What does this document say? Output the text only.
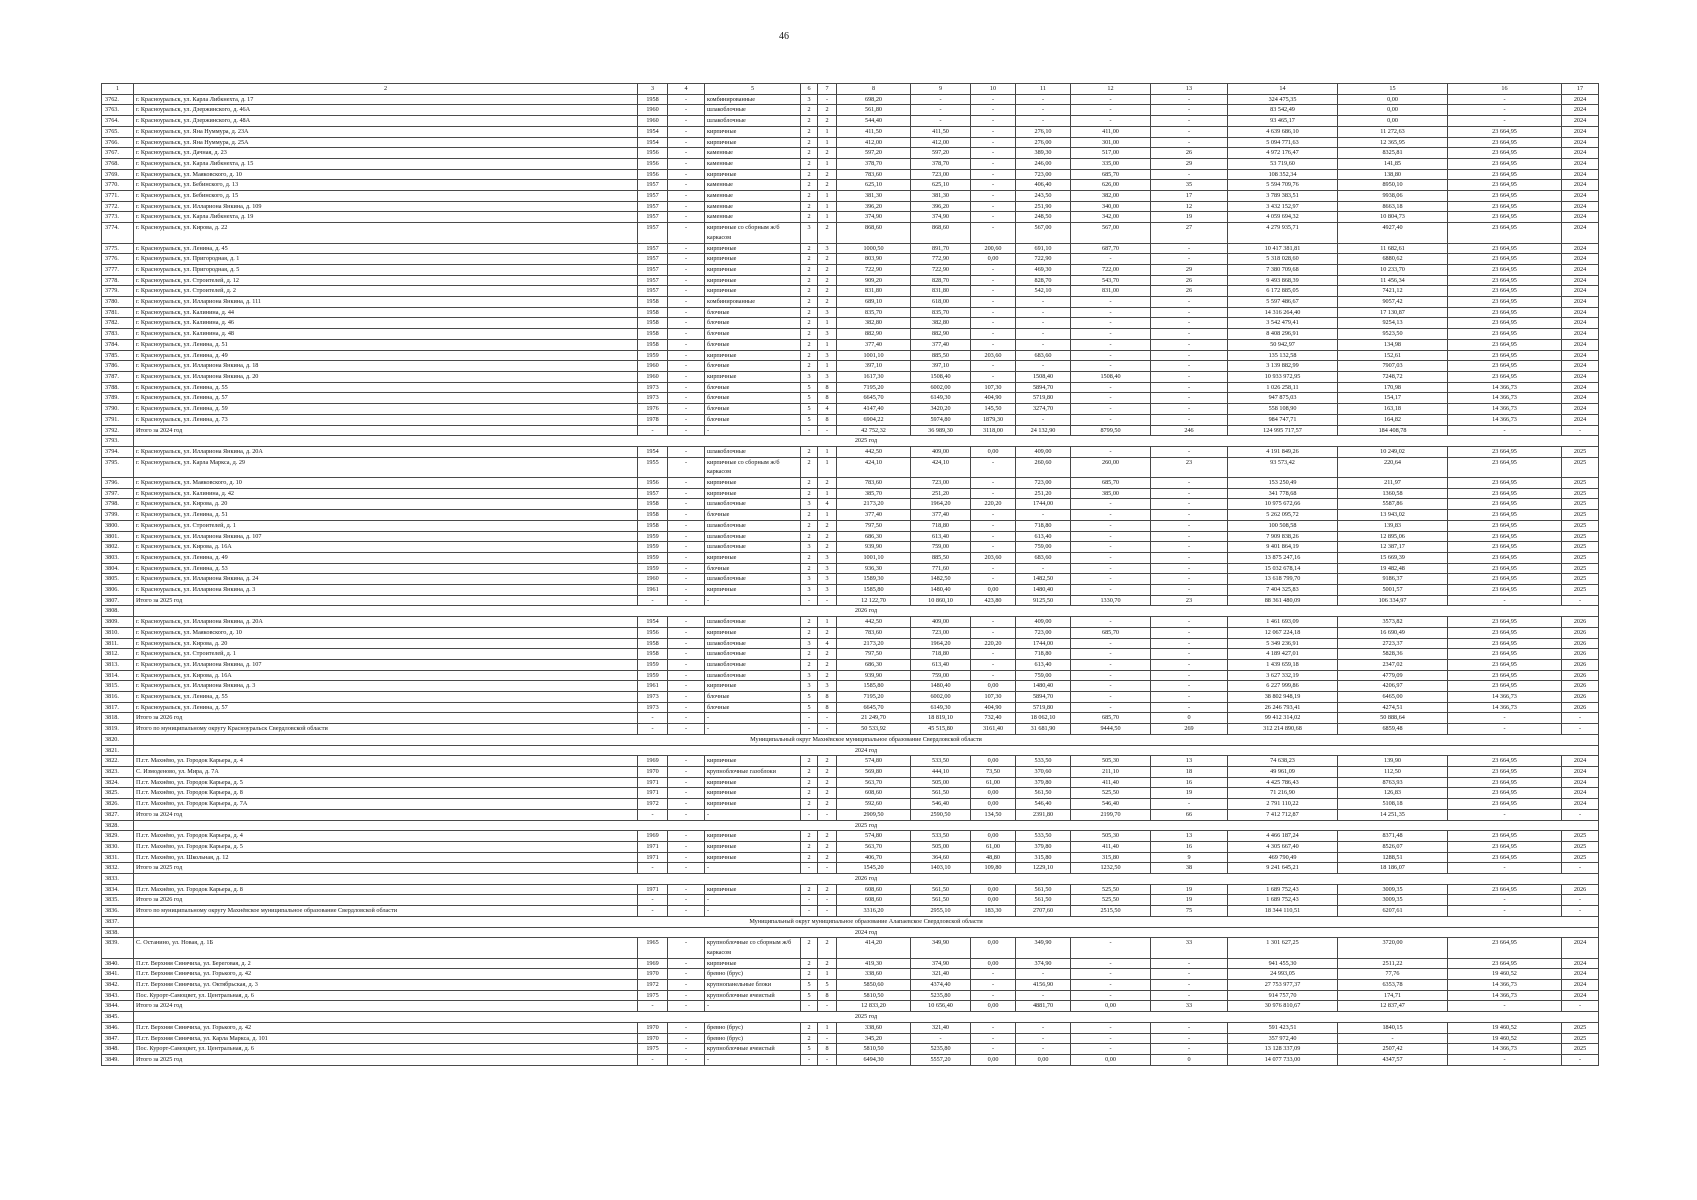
46
1	2	3	4	5	6	7	8	9	10	11	12	13	14	15	16	17
3762.	г. Красноуральск, ул. Карла Либкнехта, д. 17	1958	-	комбинированные	3	-	698,20	-	-	-	-	-	324 475,35	0,00	-	2024
3763.	г. Красноуральск, ул. Дзержинского, д. 46А	1960	-	шлакоблочные	2	2	561,80	-	-	-	-	-	83 542,49	0,00	-	2024
3764.	г. Красноуральск, ул. Дзержинского, д. 48А	1960	-	шлакоблочные	2	2	544,40	-	-	-	-	-	93 465,17	0,00	-	2024
3765.	г. Красноуральск, ул. Яна Нуммура, д. 23А	1954	-	кирпичные	2	1	411,50	411,50	-	276,10	411,00	-	4 639 686,10	11 272,63	23 664,95	2024
3766.	г. Красноуральск, ул. Яна Нуммура, д. 25А	1954	-	кирпичные	2	1	412,00	412,00	-	276,00	301,00	-	5 094 771,63	12 365,95	23 664,95	2024
3767.	г. Красноуральск, ул. Дачная, д. 23	1956	-	каменные	2	2	597,20	597,20	-	389,30	517,00	26	4 972 176,47	8325,81	23 664,95	2024
3768.	г. Красноуральск, ул. Карла Либкнехта, д. 15	1956	-	каменные	2	1	378,70	378,70	-	246,00	335,00	29	53 719,60	141,85	23 664,95	2024
3769.	г. Красноуральск, ул. Маяковского, д. 10	1956	-	кирпичные	2	2	783,60	723,00	-	723,00	685,70	-	108 352,34	138,80	23 664,95	2024
3770.	г. Красноуральск, ул. Бебинского, д. 13	1957	-	каменные	2	2	625,10	625,10	-	406,40	626,00	35	5 594 709,76	8950,10	23 664,95	2024
3771.	г. Красноуральск, ул. Бебинского, д. 15	1957	-	каменные	2	1	381,30	381,30	-	243,50	382,00	17	3 789 383,51	9938,06	23 664,95	2024
3772.	г. Красноуральск, ул. Иллариона Янкина, д. 109	1957	-	каменные	2	1	396,20	396,20	-	251,90	340,00	12	3 432 152,97	8663,18	23 664,95	2024
3773.	г. Красноуральск, ул. Карла Либкнехта, д. 19	1957	-	каменные	2	1	374,90	374,90	-	248,50	342,00	19	4 059 694,32	10 804,73	23 664,95	2024
3774.	г. Красноуральск, ул. Кирова, д. 22	1957	-	кирпичные со сборным ж/б каркасом	3	2	868,60	868,60	-	567,00	567,00	27	4 279 935,71	4927,40	23 664,95	2024
3775.	г. Красноуральск, ул. Ленина, д. 45	1957	-	кирпичные	2	3	1000,50	891,70	200,60	691,10	687,70	-	10 417 381,81	11 682,61	23 664,95	2024
3776.	г. Красноуральск, ул. Пригородная, д. 1	1957	-	кирпичные	2	2	803,90	772,90	0,00	722,90	-	-	5 318 028,60	6880,62	23 664,95	2024
3777.	г. Красноуральск, ул. Пригородная, д. 5	1957	-	кирпичные	2	2	722,90	722,90	-	469,30	722,00	29	7 380 709,68	10 233,70	23 664,95	2024
3778.	г. Красноуральск, ул. Строителей, д. 12	1957	-	кирпичные	2	2	909,20	828,70	-	828,70	543,70	26	9 493 868,39	11 456,34	23 664,95	2024
3779.	г. Красноуральск, ул. Строителей, д. 2	1957	-	кирпичные	2	2	831,80	831,80	-	542,10	831,00	26	6 172 885,05	7421,12	23 664,95	2024
3780.	г. Красноуральск, ул. Иллариона Янкина, д. 111	1958	-	комбинированные	2	2	689,10	618,00	-	-	-	-	5 597 486,67	9057,42	23 664,95	2024
3781.	г. Красноуральск, ул. Калинина, д. 44	1958	-	блочные	2	3	835,70	835,70	-	-	-	-	14 316 264,40	17 130,87	23 664,95	2024
3782.	г. Красноуральск, ул. Калинина, д. 46	1958	-	блочные	2	1	382,80	382,80	-	-	-	-	3 542 479,41	9254,13	23 664,95	2024
3783.	г. Красноуральск, ул. Калинина, д. 48	1958	-	блочные	2	3	882,90	882,90	-	-	-	-	8 408 296,91	9523,50	23 664,95	2024
3784.	г. Красноуральск, ул. Ленина, д. 51	1958	-	блочные	2	1	377,40	377,40	-	-	-	-	50 942,97	134,98	23 664,95	2024
3785.	г. Красноуральск, ул. Ленина, д. 49	1959	-	кирпичные	2	3	1001,10	885,50	203,60	683,60	-	-	135 132,58	152,61	23 664,95	2024
3786.	г. Красноуральск, ул. Иллариона Янкина, д. 18	1960	-	блочные	2	1	397,10	397,10	-	-	-	-	3 139 882,99	7907,03	23 664,95	2024
3787.	г. Красноуральск, ул. Иллариона Янкина, д. 20	1960	-	кирпичные	3	3	1617,30	1508,40	-	1508,40	1508,40	-	10 933 972,95	7248,72	23 664,95	2024
3788.	г. Красноуральск, ул. Ленина, д. 55	1973	-	блочные	5	8	7195,20	6002,00	107,30	5894,70	-	-	1 026 258,11	170,98	14 366,73	2024
3789.	г. Красноуральск, ул. Ленина, д. 57	1973	-	блочные	5	8	6645,70	6149,30	404,90	5719,80	-	-	947 875,03	154,17	14 366,73	2024
3790.	г. Красноуральск, ул. Ленина, д. 59	1976	-	блочные	5	4	4147,40	3420,20	145,50	3274,70	-	-	558 108,90	163,18	14 366,73	2024
3791.	г. Красноуральск, ул. Ленина, д. 73	1978	-	блочные	5	8	6904,22	5974,80	1879,30	-	-	-	984 747,71	164,82	14 366,73	2024
3792.	Итого за 2024 год	-	-	-	-	-	42 752,32	36 989,30	3118,00	24 132,90	8799,50	246	124 995 717,57	184 408,78	-	-
3793.	2025 год															
3794.	г. Красноуральск, ул. Иллариона Янкина, д. 20А	1954	-	шлакоблочные	2	1	442,50	409,00	0,00	409,00	-	-	4 191 849,26	10 249,02	23 664,95	2025
3795.	г. Красноуральск, ул. Карла Маркса, д. 29	1955	-	кирпичные со сборным ж/б каркасом	2	1	424,10	424,10	-	260,60	260,00	23	93 573,42	220,64	23 664,95	2025
3796.	г. Красноуральск, ул. Маяковского, д. 10	1956	-	кирпичные	2	2	783,60	723,00	-	723,00	685,70	-	153 250,49	211,97	23 664,95	2025
3797.	г. Красноуральск, ул. Калинина, д. 42	1957	-	кирпичные	2	1	385,70	251,20	-	251,20	385,00	-	341 778,68	1360,58	23 664,95	2025
3798.	г. Красноуральск, ул. Кирова, д. 20	1958	-	шлакоблочные	3	4	2173,20	1964,20	220,20	1744,00	-	-	10 975 672,66	5587,86	23 664,95	2025
3799.	г. Красноуральск, ул. Ленина, д. 51	1958	-	блочные	2	1	377,40	377,40	-	-	-	-	5 262 095,72	13 943,02	23 664,95	2025
3800.	г. Красноуральск, ул. Строителей, д. 1	1958	-	шлакоблочные	2	2	797,50	718,80	-	718,80	-	-	100 508,58	139,83	23 664,95	2025
3801.	г. Красноуральск, ул. Иллариона Янкина, д. 107	1959	-	шлакоблочные	2	2	686,30	613,40	-	613,40	-	-	7 909 838,26	12 895,06	23 664,95	2025
3802.	г. Красноуральск, ул. Кирова, д. 16А	1959	-	шлакоблочные	3	2	939,90	759,00	-	759,00	-	-	9 401 864,19	12 387,17	23 664,95	2025
3803.	г. Красноуральск, ул. Ленина, д. 49	1959	-	кирпичные	2	3	1001,10	885,50	203,60	683,60	-	-	13 875 247,16	15 669,39	23 664,95	2025
3804.	г. Красноуральск, ул. Ленина, д. 53	1959	-	блочные	2	3	936,30	771,60	-	-	-	-	15 032 678,14	19 482,48	23 664,95	2025
3805.	г. Красноуральск, ул. Иллариона Янкина, д. 24	1960	-	шлакоблочные	3	3	1589,30	1482,50	-	1482,50	-	-	13 618 799,70	9186,37	23 664,95	2025
3806.	г. Красноуральск, ул. Иллариона Янкина, д. 3	1961	-	кирпичные	3	3	1585,80	1480,40	0,00	1480,40	-	-	7 404 325,83	5001,57	23 664,95	2025
3807.	Итого за 2025 год	-	-	-	-	-	12 122,70	10 860,10	423,80	9125,50	1330,70	23	88 361 480,09	106 334,97	-	-
3808.	2026 год															
3809.	г. Красноуральск, ул. Иллариона Янкина, д. 20А	1954	-	шлакоблочные	2	1	442,50	409,00	-	409,00	-	-	1 461 693,09	3573,82	23 664,95	2026
3810.	г. Красноуральск, ул. Маяковского, д. 10	1956	-	кирпичные	2	2	783,60	723,00	-	723,00	685,70	-	12 067 224,18	16 690,49	23 664,95	2026
3811.	г. Красноуральск, ул. Кирова, д. 20	1958	-	шлакоблочные	3	4	2173,20	1964,20	220,20	1744,00	-	-	5 349 236,91	2723,37	23 664,95	2026
3812.	г. Красноуральск, ул. Строителей, д. 1	1958	-	шлакоблочные	2	2	797,50	718,80	-	718,80	-	-	4 189 427,01	5828,36	23 664,95	2026
3813.	г. Красноуральск, ул. Иллариона Янкина, д. 107	1959	-	шлакоблочные	2	2	686,30	613,40	-	613,40	-	-	1 439 659,18	2347,02	23 664,95	2026
3814.	г. Красноуральск, ул. Кирова, д. 16А	1959	-	шлакоблочные	3	2	939,90	759,00	-	759,00	-	-	3 627 332,19	4779,09	23 664,95	2026
3815.	г. Красноуральск, ул. Иллариона Янкина, д. 3	1961	-	кирпичные	3	3	1585,80	1480,40	0,00	1480,40	-	-	6 227 999,86	4206,97	23 664,95	2026
3816.	г. Красноуральск, ул. Ленина, д. 55	1973	-	блочные	5	8	7195,20	6002,00	107,30	5894,70	-	-	38 802 948,19	6465,00	14 366,73	2026
3817.	г. Красноуральск, ул. Ленина, д. 57	1973	-	блочные	5	8	6645,70	6149,30	404,90	5719,80	-	-	26 246 793,41	4274,51	14 366,73	2026
3818.	Итого за 2026 год	-	-	-	-	-	21 249,70	18 819,10	732,40	18 062,10	685,70	0	99 412 314,02	50 888,64	-	-
3819.	Итого по муниципальному округу Красноуральск Свердловской области	-	-	-	-	-	50 533,92	45 515,80	3161,40	31 681,90	9444,50	269	312 214 890,68	6859,48	-	-
3820.	Муниципальный округ Махнёвское муниципальное образование Свердловской области															
3821.	2024 год															
3822.	П.г.т. Махнёво, ул. Городок Карьера, д. 4	1969	-	кирпичные	2	2	574,80	533,50	0,00	533,50	505,30	13	74 638,23	139,90	23 664,95	2024
3823.	С. Измоденово, ул. Мира, д. 7А	1970	-	крупноблочные газоблоки	2	2	569,80	444,10	73,50	370,60	211,10	18	49 961,09	112,50	23 664,95	2024
3824.	П.г.т. Махнёво, ул. Городок Карьера, д. 5	1971	-	кирпичные	2	2	563,70	505,00	61,00	379,80	411,40	16	4 425 786,43	8763,93	23 664,95	2024
3825.	П.г.т. Махнёво, ул. Городок Карьера, д. 8	1971	-	кирпичные	2	2	608,60	561,50	0,00	561,50	525,50	19	71 216,90	126,83	23 664,95	2024
3826.	П.г.т. Махнёво, ул. Городок Карьера, д. 7А	1972	-	кирпичные	2	2	592,60	546,40	0,00	546,40	546,40	-	2 791 110,22	5108,18	23 664,95	2024
3827.	Итого за 2024 год	-	-	-	-	-	2909,50	2590,50	134,50	2391,80	2199,70	66	7 412 712,87	14 251,35	-	-
3828.	2025 год															
3829.	П.г.т. Махнёво, ул. Городок Карьера, д. 4	1969	-	кирпичные	2	2	574,80	533,50	0,00	533,50	505,30	13	4 466 187,24	8371,48	23 664,95	2025
3830.	П.г.т. Махнёво, ул. Городок Карьера, д. 5	1971	-	кирпичные	2	2	563,70	505,00	61,00	379,80	411,40	16	4 305 667,40	8526,07	23 664,95	2025
3831.	П.г.т. Махнёво, ул. Школьная, д. 12	1971	-	кирпичные	2	2	406,70	364,60	48,80	315,80	315,80	9	469 790,49	1288,51	23 664,95	2025
3832.	Итого за 2025 год	-	-	-	-	-	1545,20	1403,10	109,80	1229,10	1232,50	38	9 241 645,21	18 186,07	-	-
3833.	2026 год															
3834.	П.г.т. Махнёво, ул. Городок Карьера, д. 8	1971	-	кирпичные	2	2	608,60	561,50	0,00	561,50	525,50	19	1 689 752,43	3009,35	23 664,95	2026
3835.	Итого за 2026 год	-	-	-	-	-	608,60	561,50	0,00	561,50	525,50	19	1 689 752,43	3009,35	-	-
3836.	Итого по муниципальному округу Махнёвское муниципальное образование Свердловской области	-	-	-	-	-	3316,20	2955,10	183,30	2707,60	2515,50	75	18 344 110,51	6207,61	-	-
3837.	Муниципальный округ муниципальное образование Алапаевское Свердловской области															
3838.	2024 год															
3839.	С. Останино, ул. Новая, д. 1Б	1965	-	крупноблочные со сборным ж/б каркасом	2	2	414,20	349,90	0,00	349,90	-	33	1 301 627,25	3720,00	23 664,95	2024
3840.	П.г.т. Верхняя Синячиха, ул. Береговая, д. 2	1969	-	кирпичные	2	2	419,30	374,90	0,00	374,90	-	-	941 455,30	2511,22	23 664,95	2024
3841.	П.г.т. Верхняя Синячиха, ул. Горького, д. 42	1970	-	бревно (брус)	2	1	338,60	321,40	-	-	-	-	24 993,05	77,76	19 460,52	2024
3842.	П.г.т. Верхняя Синячиха, ул. Октябрьская, д. 3	1972	-	крупнопанельные блоки	5	5	5850,60	4374,40	-	4156,90	-	-	27 753 977,37	6353,78	14 366,73	2024
3843.	Пос. Курорт-Самоцвет, ул. Центральная, д. 6	1975	-	крупноблочные ячеистый	5	8	5810,50	5235,80	-	-	-	-	914 757,70	174,71	14 366,73	2024
3844.	Итого за 2024 год	-	-	-	-	-	12 833,20	10 656,40	0,00	4881,70	0,00	33	30 976 810,67	12 837,47	-	-
3845.	2025 год															
3846.	П.г.т. Верхняя Синячиха, ул. Горького, д. 42	1970	-	бревно (брус)	2	1	338,60	321,40	-	-	-	-	591 423,51	1840,15	19 460,52	2025
3847.	П.г.т. Верхняя Синячиха, ул. Карла Маркса, д. 101	1970	-	бревно (брус)	2	-	345,20	-	-	-	-	-	357 972,40	-	19 460,52	2025
3848.	Пос. Курорт-Самоцвет, ул. Центральная, д. 6	1975	-	крупноблочные ячеистый	5	8	5810,50	5235,80	-	-	-	-	13 128 337,09	2507,42	14 366,73	2025
3849.	Итого за 2025 год	-	-	-	-	-	6494,30	5557,20	0,00	0,00	0,00	0	14 077 733,00	4347,57	-	-
